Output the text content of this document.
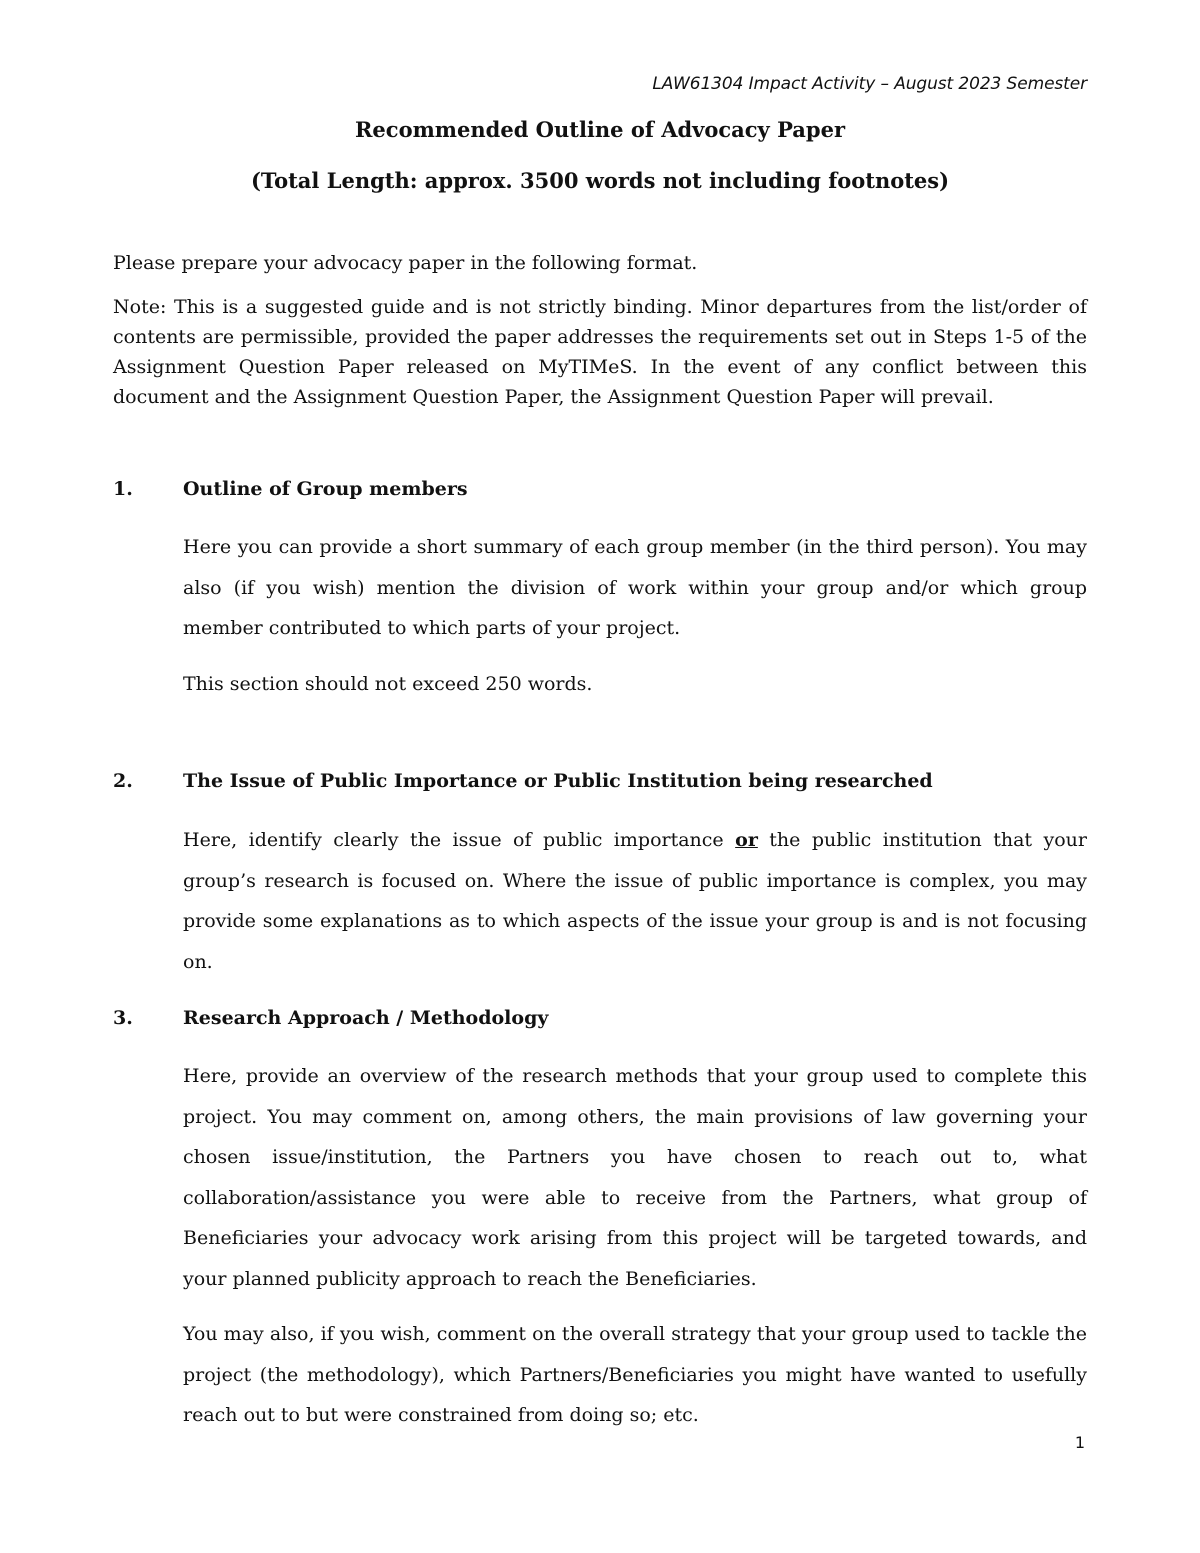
LAW61304 Impact Activity – August 2023 Semester
Recommended Outline of Advocacy Paper
(Total Length: approx. 3500 words not including footnotes)

Please prepare your advocacy paper in the following format.

Note: This is a suggested guide and is not strictly binding. Minor departures from the list/order of contents are permissible, provided the paper addresses the requirements set out in Steps 1-5 of the Assignment Question Paper released on MyTIMeS. In the event of any conflict between this document and the Assignment Question Paper, the Assignment Question Paper will prevail.

1.	Outline of Group members

Here you can provide a short summary of each group member (in the third person). You may also (if you wish) mention the division of work within your group and/or which group member contributed to which parts of your project.

This section should not exceed 250 words.

2.	The Issue of Public Importance or Public Institution being researched

Here, identify clearly the issue of public importance or the public institution that your group’s research is focused on. Where the issue of public importance is complex, you may provide some explanations as to which aspects of the issue your group is and is not focusing on.

3.	Research Approach / Methodology

Here, provide an overview of the research methods that your group used to complete this project. You may comment on, among others, the main provisions of law governing your chosen issue/institution, the Partners you have chosen to reach out to, what collaboration/assistance you were able to receive from the Partners, what group of Beneficiaries your advocacy work arising from this project will be targeted towards, and your planned publicity approach to reach the Beneficiaries.

You may also, if you wish, comment on the overall strategy that your group used to tackle the project (the methodology), which Partners/Beneficiaries you might have wanted to usefully reach out to but were constrained from doing so; etc.

1
